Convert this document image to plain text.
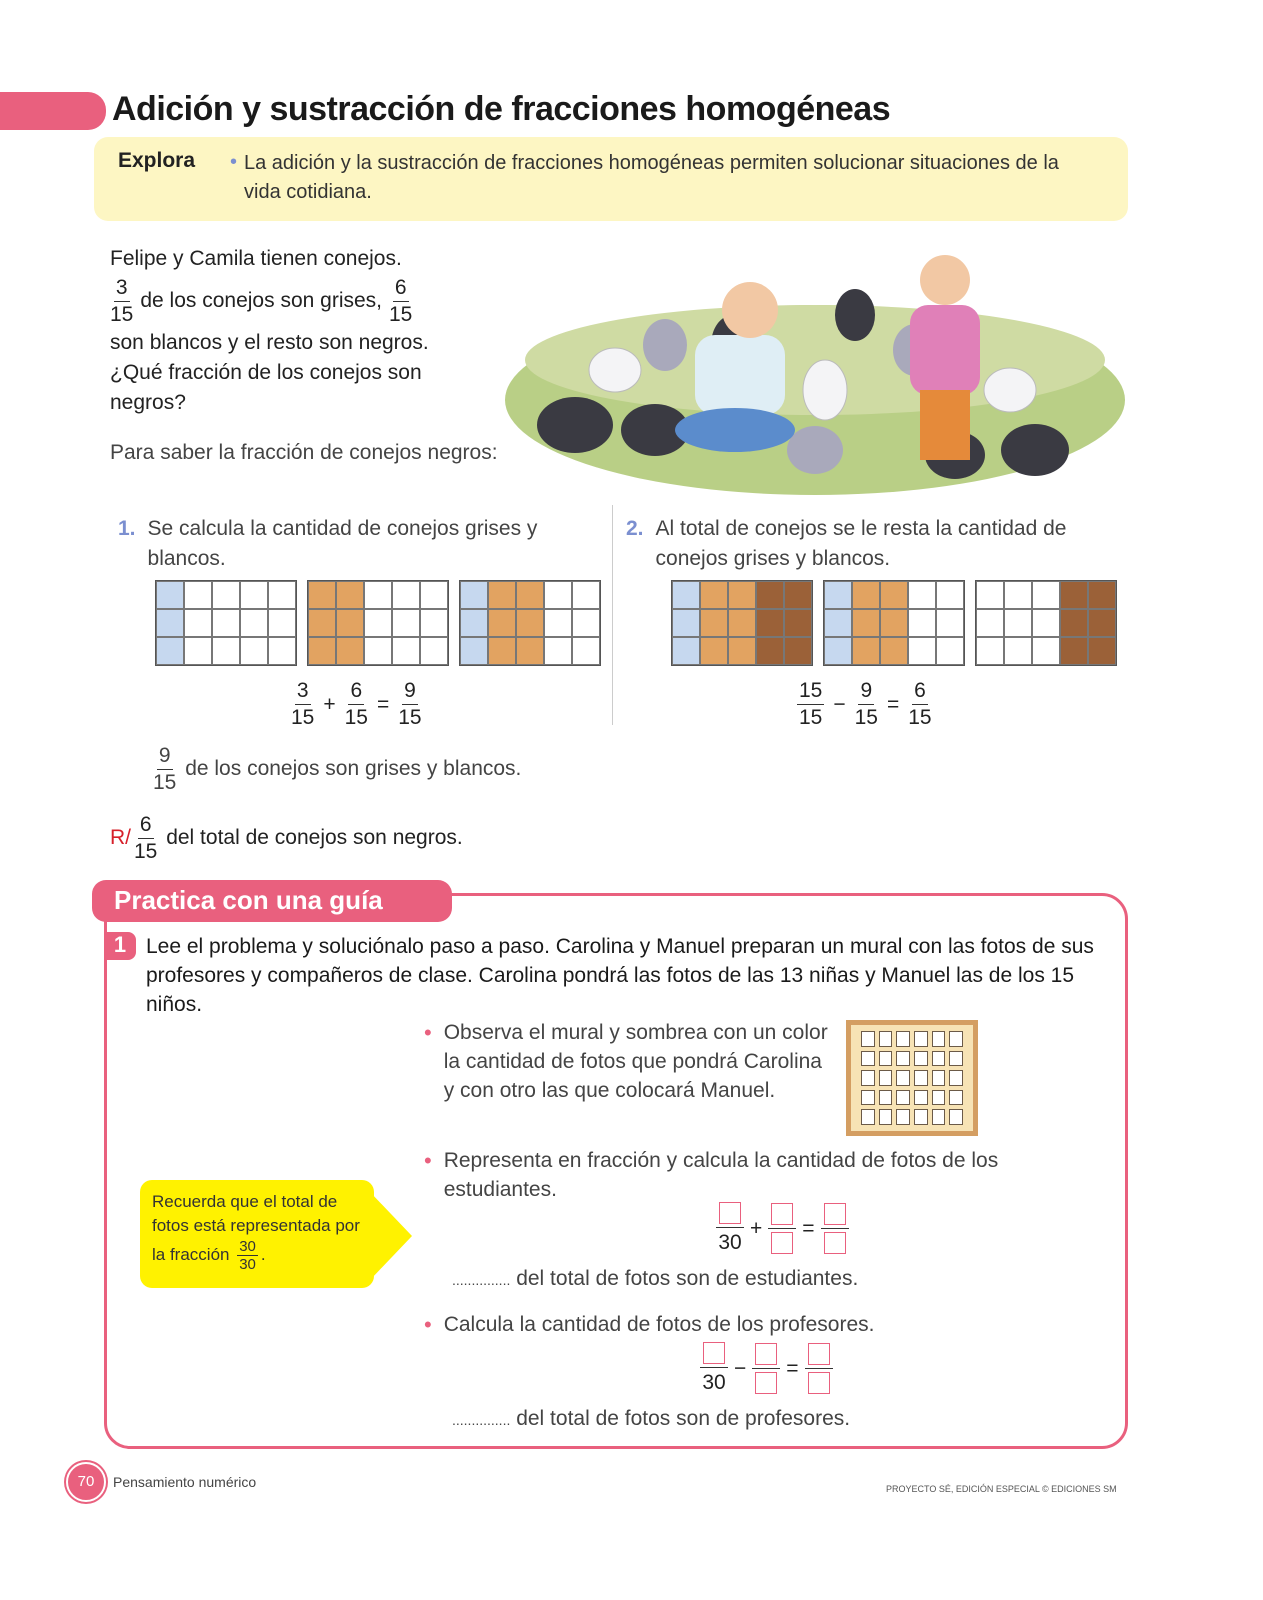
Adición y sustracción de fracciones homogéneas
Explora • La adición y la sustracción de fracciones homogéneas permiten solucionar situaciones de la vida cotidiana.
Felipe y Camila tienen conejos.
$\frac{3}{15}$ de los conejos son grises, $\frac{6}{15}$
son blancos y el resto son negros.
¿Qué fracción de los conejos son negros?
Para saber la fracción de conejos negros:
1. Se calcula la cantidad de conejos grises y blancos.
$\frac{3}{15} + \frac{6}{15} = \frac{9}{15}$
$\frac{9}{15}$ de los conejos son grises y blancos.
2. Al total de conejos se le resta la cantidad de conejos grises y blancos.
$\frac{15}{15} - \frac{9}{15} = \frac{6}{15}$
$R/ \frac{6}{15}$ del total de conejos son negros.
Practica con una guía
1 Lee el problema y soluciónalo paso a paso. Carolina y Manuel preparan un mural con las fotos de sus profesores y compañeros de clase. Carolina pondrá las fotos de las 13 niñas y Manuel las de los 15 niños.
• Observa el mural y sombrea con un color la cantidad de fotos que pondrá Carolina y con otro las que colocará Manuel.
• Representa en fracción y calcula la cantidad de fotos de los estudiantes.
30
+ =
............... del total de fotos son de estudiantes.
• Calcula la cantidad de fotos de los profesores.
30
− =
............... del total de fotos son de profesores.
Recuerda que el total de fotos está representada por la fracción $\frac{30}{30}$ .
70	Pensamiento numérico	PROYECTO SÉ, EDICIÓN ESPECIAL © EDICIONES SM
